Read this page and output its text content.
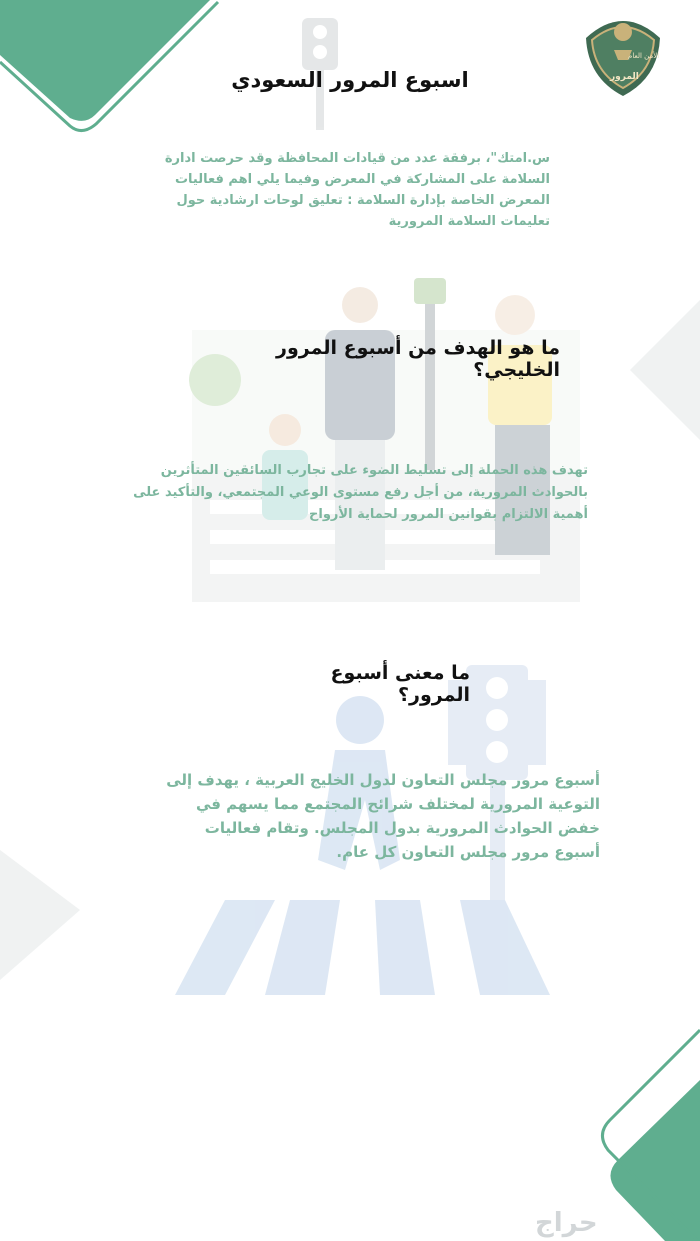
الأمن العام
المرور
اسبوع المرور السعودي
س.امتك"، برفقة عدد من قيادات المحافظة وقد حرصت ادارة
السلامة على المشاركة في المعرض وفيما يلي اهم فعاليات
المعرض الخاصة بإدارة السلامة : تعليق لوحات ارشادية حول
تعليمات السلامة المرورية
ما هو الهدف من أسبوع المرور الخليجي؟
تهدف هذه الحملة إلى تسليط الضوء على تجارب السائقين المتأثرين
بالحوادث المرورية، من أجل رفع مستوى الوعي المجتمعي، والتأكيد على
أهمية الالتزام بقوانين المرور لحماية الأرواح
ما معنى أسبوع المرور؟
أسبوع مرور مجلس التعاون لدول الخليج العربية ، يهدف إلى
التوعية المرورية لمختلف شرائح المجتمع مما يسهم في
خفض الحوادث المرورية بدول المجلس. وتقام فعاليات
أسبوع مرور مجلس التعاون كل عام.
حراج
